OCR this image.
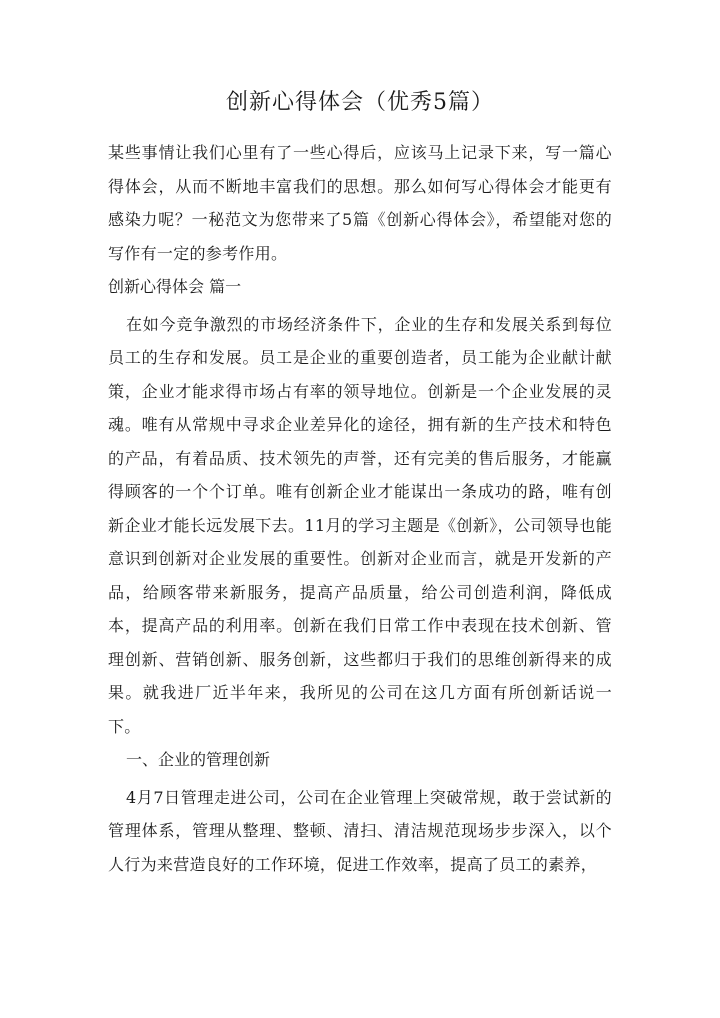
创新心得体会（优秀5篇）

某些事情让我们心里有了一些心得后，应该马上记录下来，写一篇心得体会，从而不断地丰富我们的思想。那么如何写心得体会才能更有感染力呢？一秘范文为您带来了5篇《创新心得体会》，希望能对您的写作有一定的参考作用。

创新心得体会 篇一

在如今竞争激烈的市场经济条件下，企业的生存和发展关系到每位员工的生存和发展。员工是企业的重要创造者，员工能为企业献计献策，企业才能求得市场占有率的领导地位。创新是一个企业发展的灵魂。唯有从常规中寻求企业差异化的途径，拥有新的生产技术和特色的产品，有着品质、技术领先的声誉，还有完美的售后服务，才能赢得顾客的一个个订单。唯有创新企业才能谋出一条成功的路，唯有创新企业才能长远发展下去。11月的学习主题是《创新》，公司领导也能意识到创新对企业发展的重要性。创新对企业而言，就是开发新的产品，给顾客带来新服务，提高产品质量，给公司创造利润，降低成本，提高产品的利用率。创新在我们日常工作中表现在技术创新、管理创新、营销创新、服务创新，这些都归于我们的思维创新得来的成果。就我进厂近半年来，我所见的公司在这几方面有所创新话说一下。

一、企业的管理创新

4月7日管理走进公司，公司在企业管理上突破常规，敢于尝试新的管理体系，管理从整理、整顿、清扫、清洁规范现场步步深入，以个人行为来营造良好的工作环境，促进工作效率，提高了员工的素养，
